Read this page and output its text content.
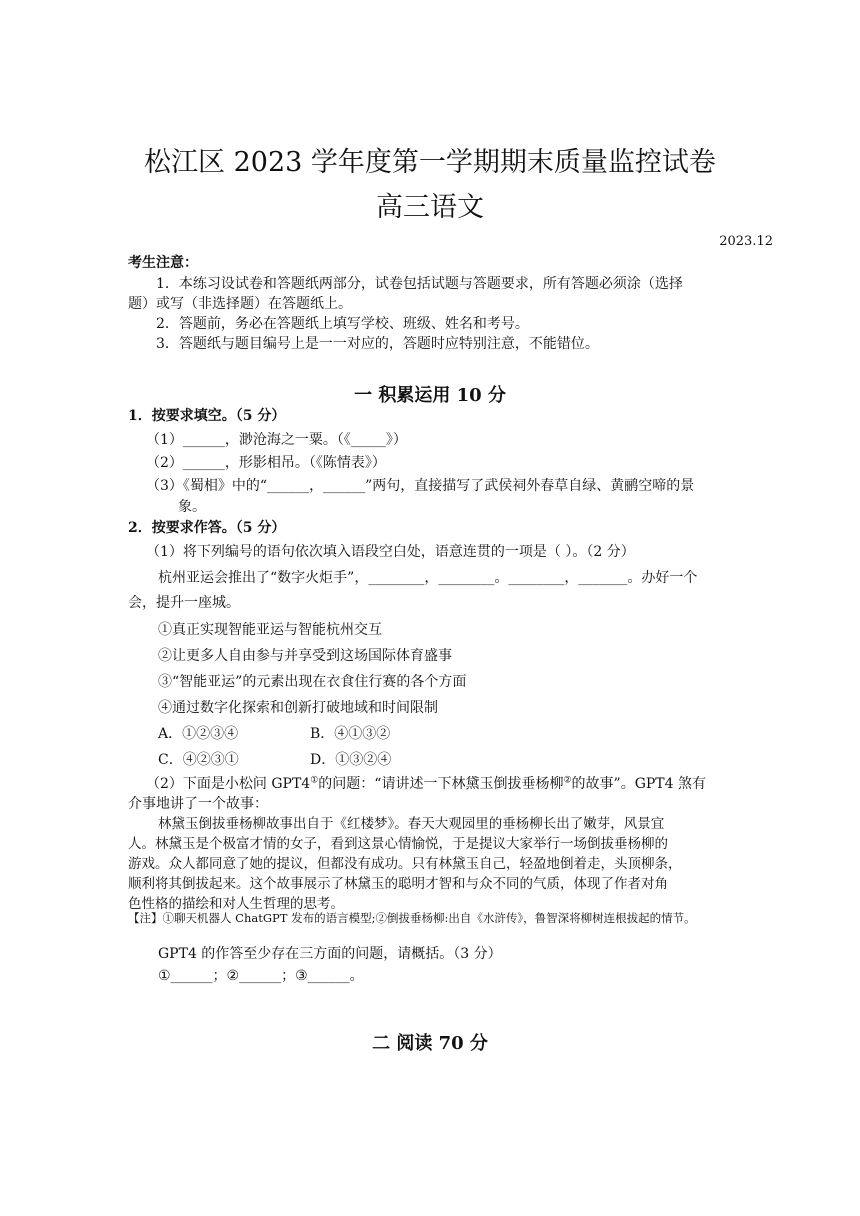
松江区 2023 学年度第一学期期末质量监控试卷
高三语文
2023.12
考生注意：
1．本练习设试卷和答题纸两部分，试卷包括试题与答题要求，所有答题必须涂（选择
题）或写（非选择题）在答题纸上。
2．答题前，务必在答题纸上填写学校、班级、姓名和考号。
3．答题纸与题目编号上是一一对应的，答题时应特别注意，不能错位。
一 积累运用 10 分
1．按要求填空。（5 分）
（1）______，渺沧海之一粟。（《_____》）
（2）______，形影相吊。（《陈情表》）
（3）《蜀相》中的“______，______”两句，直接描写了武侯祠外春草自绿、黄鹂空啼的景
象。
2．按要求作答。（5 分）
（1）将下列编号的语句依次填入语段空白处，语意连贯的一项是（ ）。（2 分）
杭州亚运会推出了“数字火炬手”，________，________。________，_______。办好一个
会，提升一座城。
①真正实现智能亚运与智能杭州交互
②让更多人自由参与并享受到这场国际体育盛事
③“智能亚运”的元素出现在衣食住行赛的各个方面
④通过数字化探索和创新打破地域和时间限制
A．①②③④	B．④①③②
C．④②③①	D．①③②④
（2）下面是小松问 GPT4①的问题：“请讲述一下林黛玉倒拔垂杨柳②的故事”。GPT4 煞有
介事地讲了一个故事：
林黛玉倒拔垂杨柳故事出自于《红楼梦》。春天大观园里的垂杨柳长出了嫩芽，风景宜
人。林黛玉是个极富才情的女子，看到这景心情愉悦，于是提议大家举行一场倒拔垂杨柳的
游戏。众人都同意了她的提议，但都没有成功。只有林黛玉自己，轻盈地倒着走，头顶柳条，
顺利将其倒拔起来。这个故事展示了林黛玉的聪明才智和与众不同的气质，体现了作者对角
色性格的描绘和对人生哲理的思考。
【注】①聊天机器人 ChatGPT 发布的语言模型;②倒拔垂杨柳:出自《水浒传》，鲁智深将柳树连根拔起的情节。
GPT4 的作答至少存在三方面的问题，请概括。（3 分）
①______；②______；③______。
二 阅读 70 分
